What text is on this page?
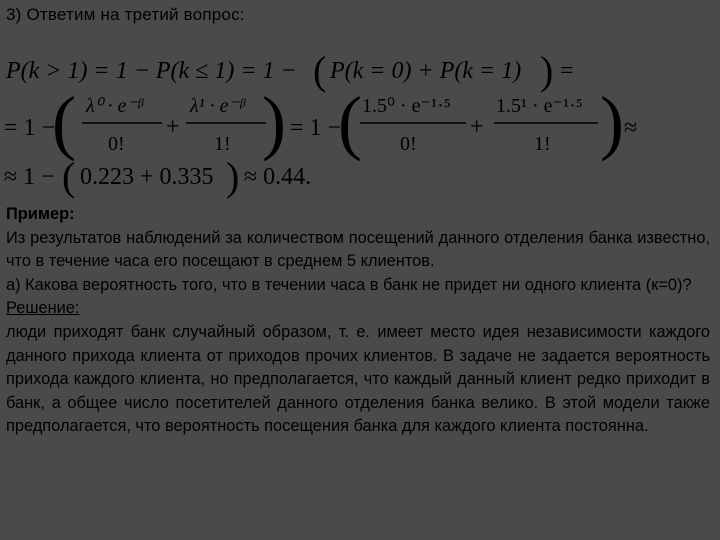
3) Ответим на третий вопрос:
P(k > 1) = 1 − P(k ≤ 1) = 1 − ( P(k = 0) + P(k = 1) ) =
= 1 −
( λ⁰ · e⁻ᵝ
0!
+
λ¹ · e⁻ᵝ
1! ) = 1 −
( 1.5⁰ · e⁻¹·⁵
0!
+
1.5¹ · e⁻¹·⁵
1! ) ≈
≈ 1 − ( 0.223 + 0.335 ) ≈ 0.44.

Пример:

Из результатов наблюдений за количеством посещений данного отделения банка известно, что в течение часа его посещают в среднем 5 клиентов.

а) Какова вероятность того, что в течении часа в банк не придет ни одного клиента (к=0)?

Решение:

люди приходят банк случайный образом, т. е. имеет место идея независимости каждого данного прихода клиента от приходов прочих клиентов. В задаче не задается вероятность прихода каждого клиента, но предполагается, что каждый данный клиент редко приходит в банк, а общее число посетителей данного отделения банка велико. В этой модели также предполагается, что вероятность посещения банка для каждого клиента постоянна.
